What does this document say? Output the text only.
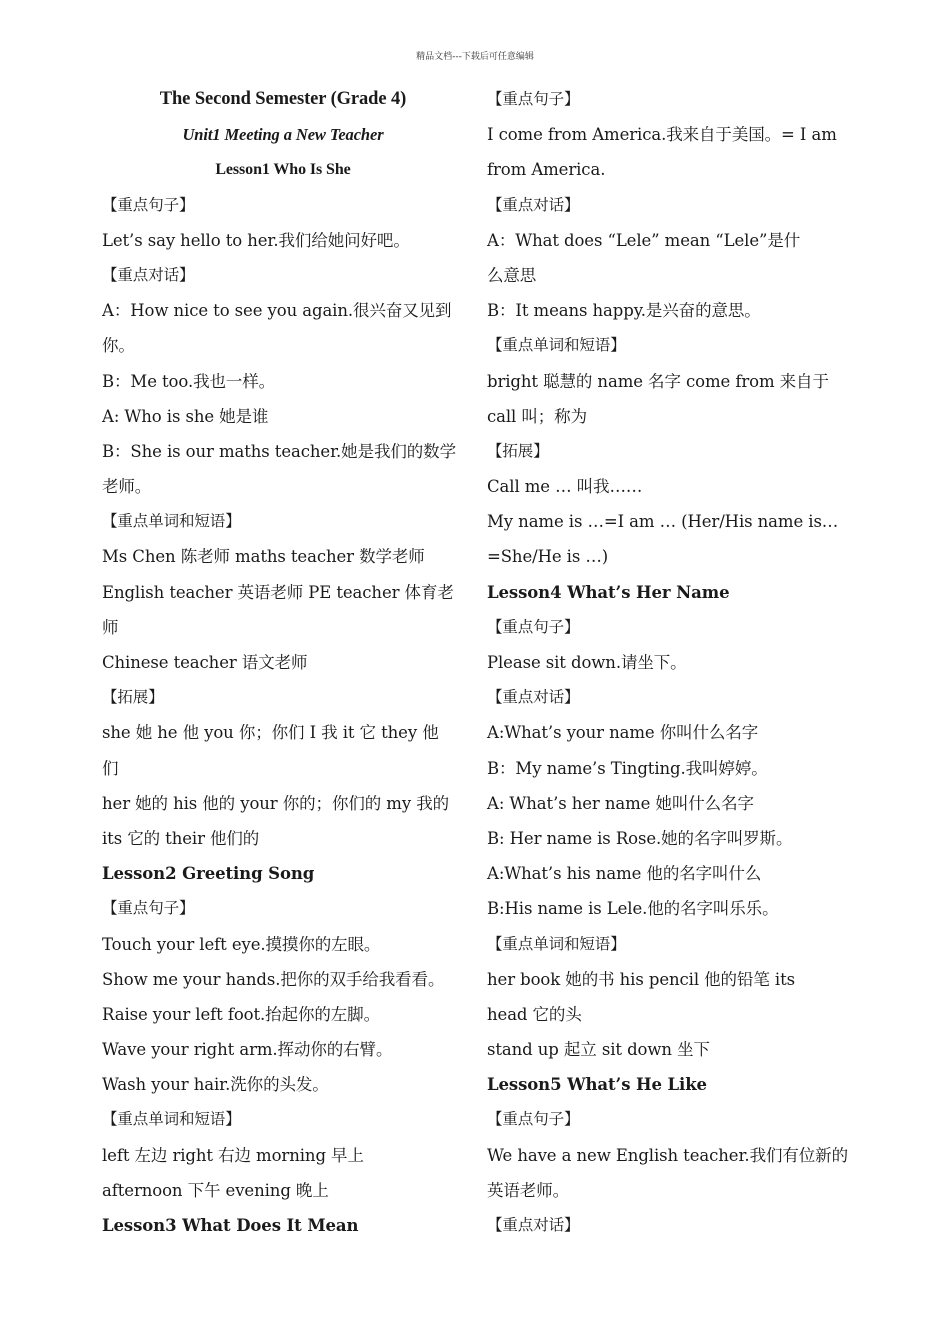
精品文档---下载后可任意编辑
The Second Semester (Grade 4)
Unit1 Meeting a New Teacher
Lesson1 Who Is She
【重点句子】
Let’s say hello to her.我们给她问好吧。
【重点对话】
A：How nice to see you again.很兴奋又见到
你。
B：Me too.我也一样。
A: Who is she 她是谁
B：She is our maths teacher.她是我们的数学
老师。
【重点单词和短语】
Ms Chen 陈老师 maths teacher 数学老师
English teacher 英语老师 PE teacher 体育老
师
Chinese teacher 语文老师
【拓展】
she 她 he 他 you 你；你们 I 我 it 它 they 他
们
her 她的 his 他的 your 你的；你们的 my 我的
its 它的 their 他们的
Lesson2 Greeting Song
【重点句子】
Touch your left eye.摸摸你的左眼。
Show me your hands.把你的双手给我看看。
Raise your left foot.抬起你的左脚。
Wave your right arm.挥动你的右臂。
Wash your hair.洗你的头发。
【重点单词和短语】
left 左边 right 右边 morning 早上
afternoon 下午 evening 晚上
Lesson3 What Does It Mean
【重点句子】
I come from America.我来自于美国。= I am
from America.
【重点对话】
A：What does “Lele” mean “Lele”是什
么意思
B：It means happy.是兴奋的意思。
【重点单词和短语】
bright 聪慧的 name 名字 come from 来自于
call 叫；称为
【拓展】
Call me … 叫我……
My name is …=I am … (Her/His name is…
=She/He is …)
Lesson4 What’s Her Name
【重点句子】
Please sit down.请坐下。
【重点对话】
A:What’s your name 你叫什么名字
B：My name’s Tingting.我叫婷婷。
A: What’s her name 她叫什么名字
B: Her name is Rose.她的名字叫罗斯。
A:What’s his name 他的名字叫什么
B:His name is Lele.他的名字叫乐乐。
【重点单词和短语】
her book 她的书 his pencil 他的铅笔 its
head 它的头
stand up 起立 sit down 坐下
Lesson5 What’s He Like
【重点句子】
We have a new English teacher.我们有位新的
英语老师。
【重点对话】
